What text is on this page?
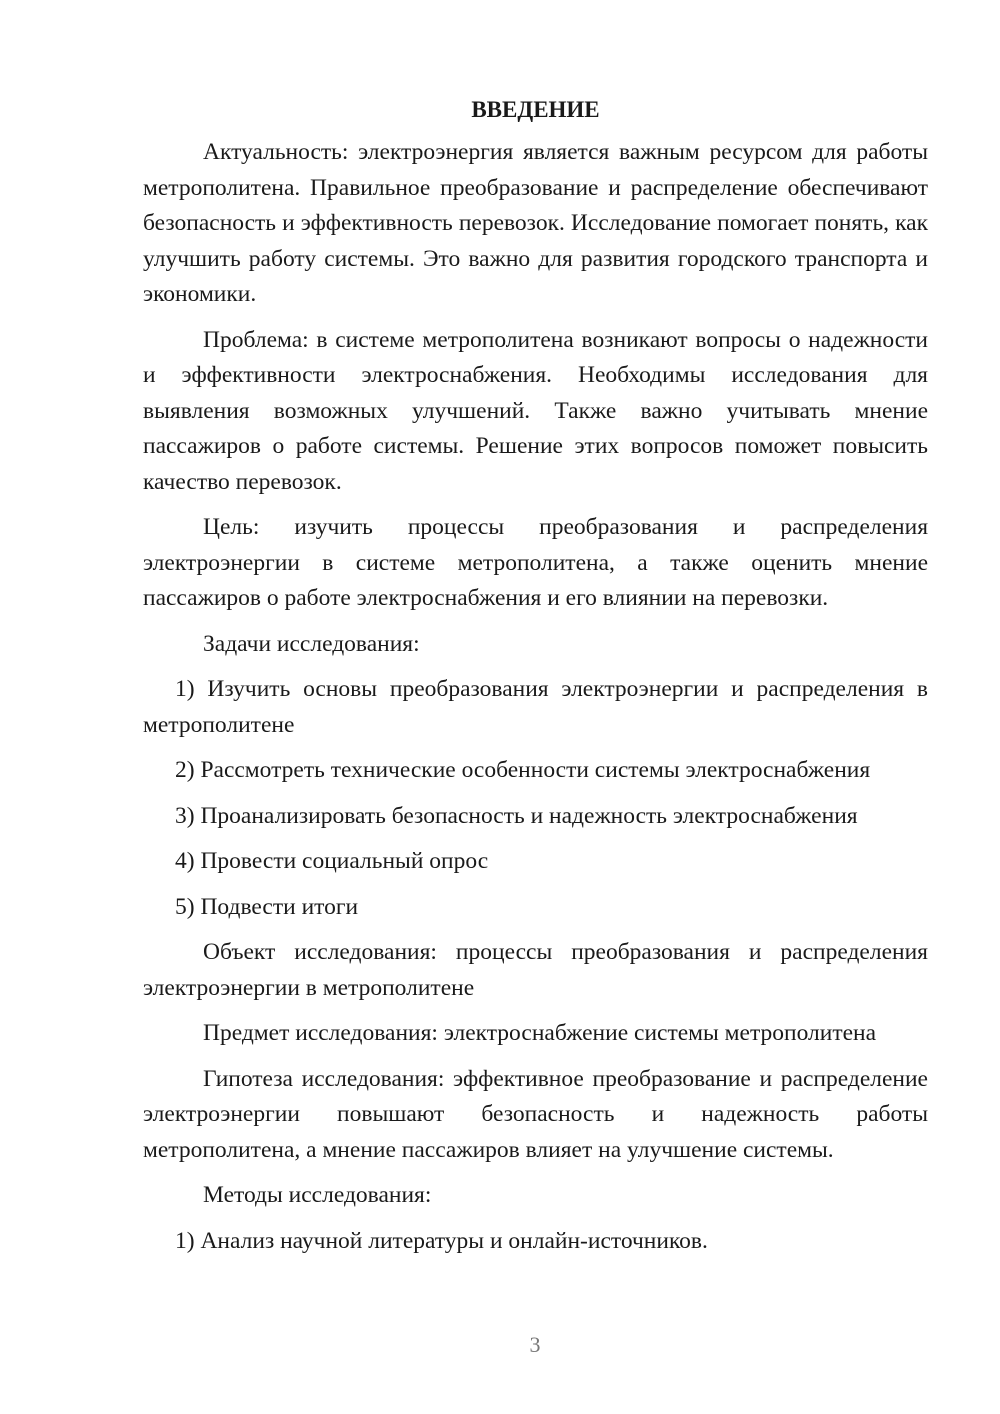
ВВЕДЕНИЕ

Актуальность: электроэнергия является важным ресурсом для работы метрополитена. Правильное преобразование и распределение обеспечивают безопасность и эффективность перевозок. Исследование помогает понять, как улучшить работу системы. Это важно для развития городского транспорта и экономики.

Проблема: в системе метрополитена возникают вопросы о надежности и эффективности электроснабжения. Необходимы исследования для выявления возможных улучшений. Также важно учитывать мнение пассажиров о работе системы. Решение этих вопросов поможет повысить качество перевозок.

Цель: изучить процессы преобразования и распределения электроэнергии в системе метрополитена, а также оценить мнение пассажиров о работе электроснабжения и его влиянии на перевозки.

Задачи исследования:

1) Изучить основы преобразования электроэнергии и распределения в метрополитене

2) Рассмотреть технические особенности системы электроснабжения

3) Проанализировать безопасность и надежность электроснабжения

4) Провести социальный опрос

5) Подвести итоги

Объект исследования: процессы преобразования и распределения электроэнергии в метрополитене

Предмет исследования: электроснабжение системы метрополитена

Гипотеза исследования: эффективное преобразование и распределение электроэнергии повышают безопасность и надежность работы метрополитена, а мнение пассажиров влияет на улучшение системы.

Методы исследования:

1) Анализ научной литературы и онлайн-источников.

3
